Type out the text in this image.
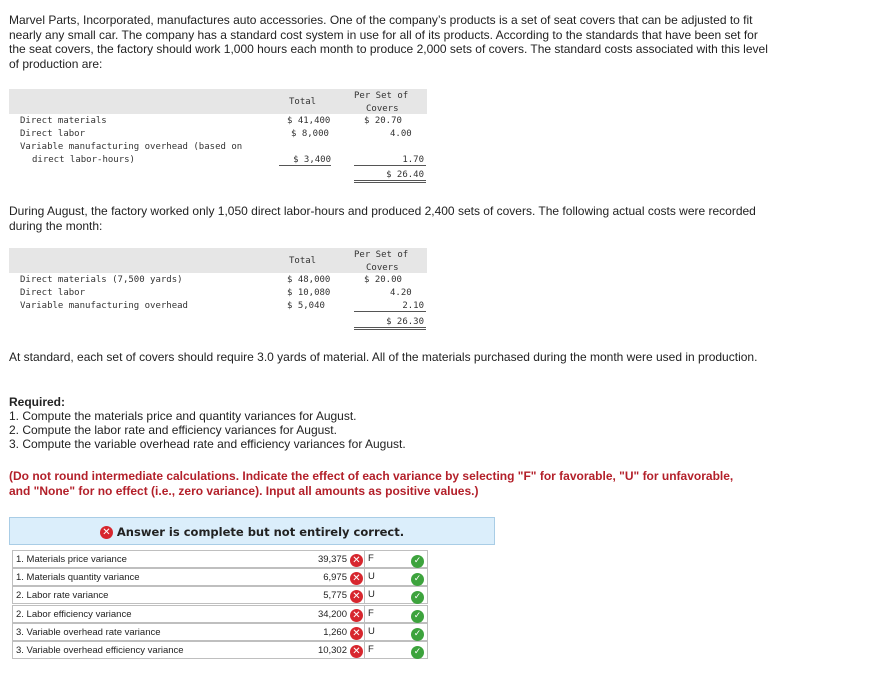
Marvel Parts, Incorporated, manufactures auto accessories. One of the company’s products is a set of seat covers that can be adjusted to fit nearly any small car. The company has a standard cost system in use for all of its products. According to the standards that have been set for the seat covers, the factory should work 1,000 hours each month to produce 2,000 sets of covers. The standard costs associated with this level of production are:

Total
Per Set of
Covers
Direct materials	$ 41,400	$ 20.70
Direct labor	$ 8,000	4.00
Variable manufacturing overhead (based on
direct labor-hours)	$ 3,400	1.70
$ 26.40

During August, the factory worked only 1,050 direct labor-hours and produced 2,400 sets of covers. The following actual costs were recorded during the month:

Total
Per Set of
Covers
Direct materials (7,500 yards)	$ 48,000	$ 20.00
Direct labor	$ 10,080	4.20
Variable manufacturing overhead	$ 5,040	2.10
$ 26.30

At standard, each set of covers should require 3.0 yards of material. All of the materials purchased during the month were used in production.

Required:
1. Compute the materials price and quantity variances for August.
2. Compute the labor rate and efficiency variances for August.
3. Compute the variable overhead rate and efficiency variances for August.

(Do not round intermediate calculations. Indicate the effect of each variance by selecting "F" for favorable, "U" for unfavorable, and "None" for no effect (i.e., zero variance). Input all amounts as positive values.)

✕ Answer is complete but not entirely correct.
1. Materials price variance	39,375 ✕ F	✓
1. Materials quantity variance	6,975 ✕ U	✓
2. Labor rate variance	5,775 ✕ U	✓
2. Labor efficiency variance	34,200 ✕ F	✓
3. Variable overhead rate variance	1,260 ✕ U	✓
3. Variable overhead efficiency variance	10,302 ✕ F	✓
